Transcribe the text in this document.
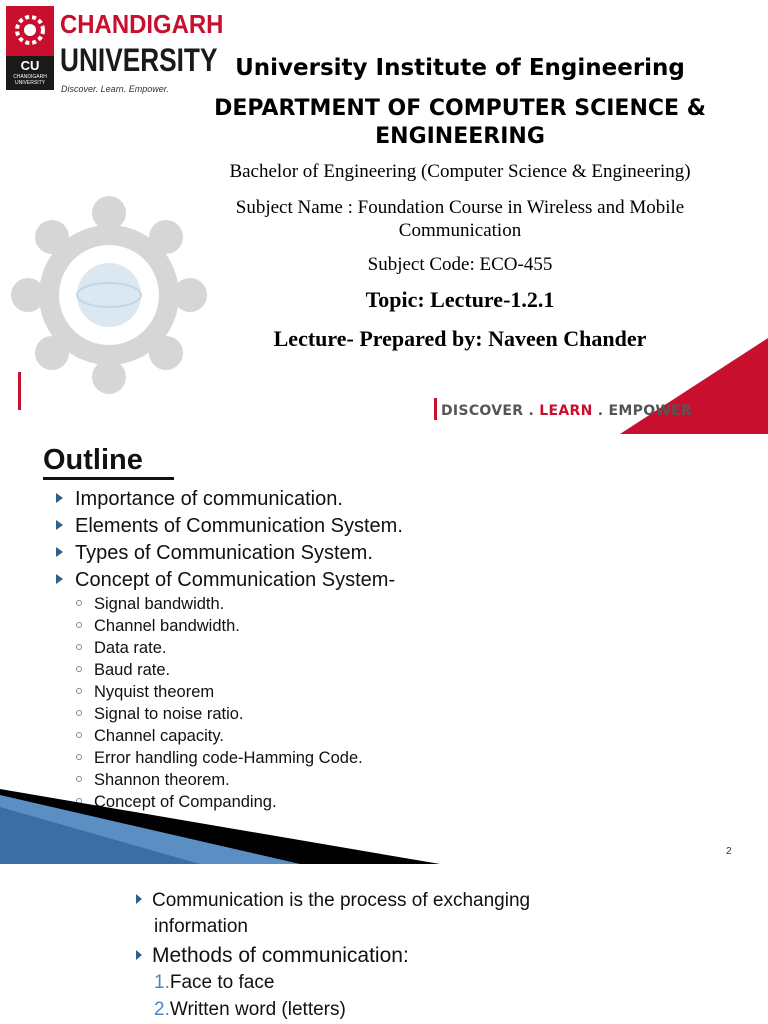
CU
CHANDIGARH UNIVERSITY
CHANDIGARH
UNIVERSITY
Discover. Learn. Empower.
University Institute of Engineering
DEPARTMENT OF COMPUTER SCIENCE & ENGINEERING
Bachelor of Engineering (Computer Science & Engineering)
Subject Name : Foundation Course in Wireless and Mobile Communication
Subject Code: ECO-455
Topic: Lecture-1.2.1
Lecture- Prepared by: Naveen Chander
DISCOVER . LEARN . EMPOWER
Outline
Importance of communication.
Elements of Communication System.
Types of Communication System.
Concept of Communication System-
Signal bandwidth.
Channel bandwidth.
Data rate.
Baud rate.
Nyquist theorem
Signal to noise ratio.
Channel capacity.
Error handling code-Hamming Code.
Shannon theorem.
Concept of Companding.
2
Communication is the process of exchanging
information
Methods of communication:
1.Face to face
2.Written word (letters)
